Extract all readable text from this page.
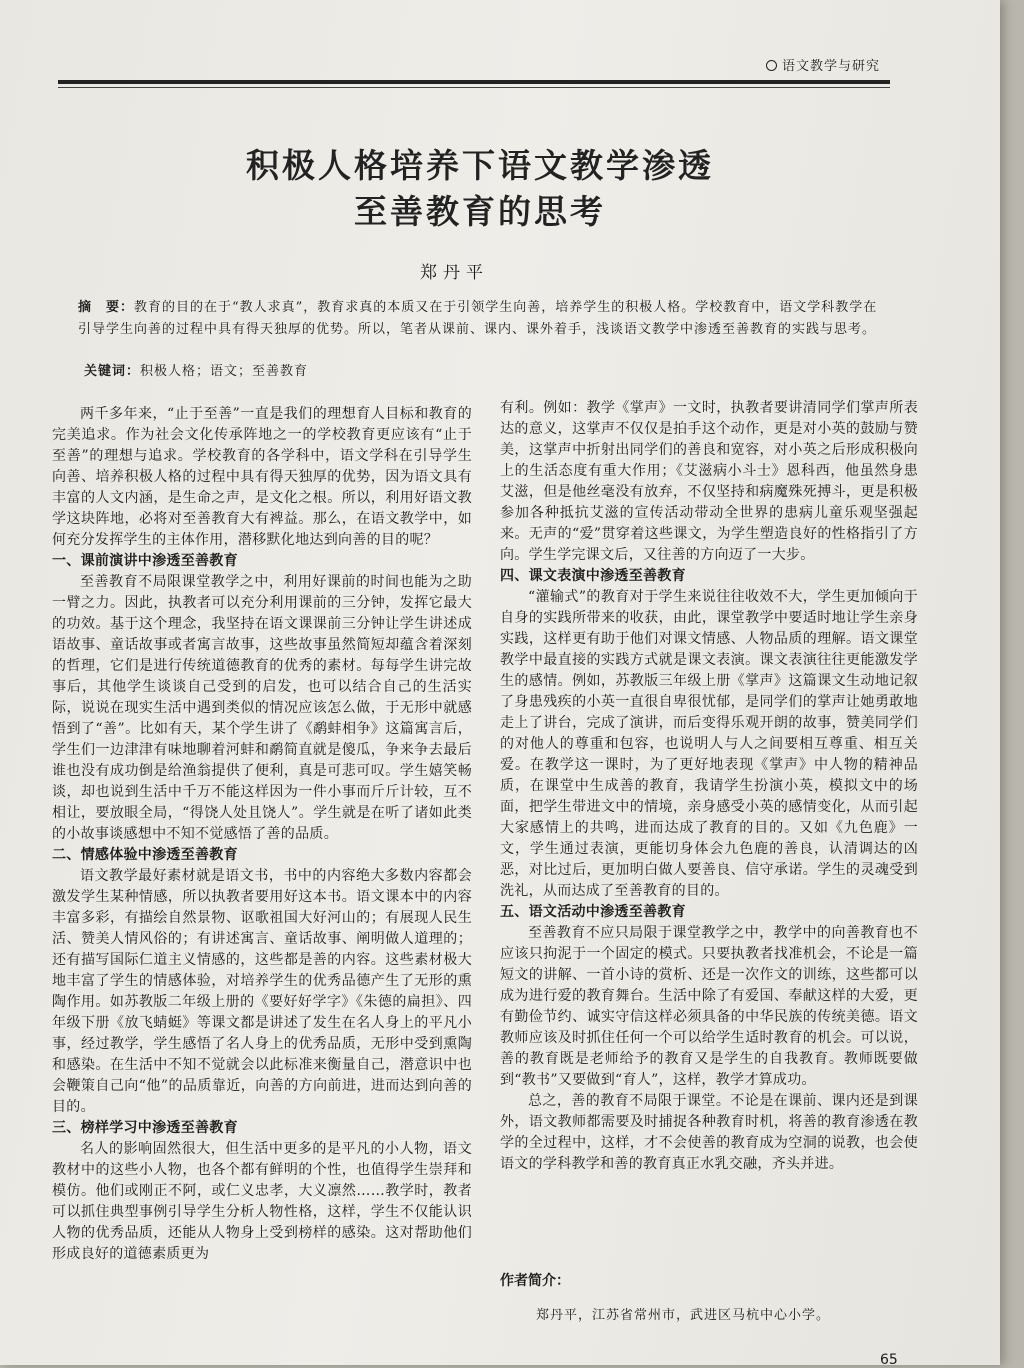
语文教学与研究
积极人格培养下语文教学渗透
至善教育的思考
郑丹平
摘　要：教育的目的在于“教人求真”，教育求真的本质又在于引领学生向善，培养学生的积极人格。学校教育中，语文学科教学在引导学生向善的过程中具有得天独厚的优势。所以，笔者从课前、课内、课外着手，浅谈语文教学中渗透至善教育的实践与思考。
关键词：积极人格；语文；至善教育

两千多年来，“止于至善”一直是我们的理想育人目标和教育的完美追求。作为社会文化传承阵地之一的学校教育更应该有“止于至善”的理想与追求。学校教育的各学科中，语文学科在引导学生向善、培养积极人格的过程中具有得天独厚的优势，因为语文具有丰富的人文内涵，是生命之声，是文化之根。所以，利用好语文教学这块阵地，必将对至善教育大有裨益。那么，在语文教学中，如何充分发挥学生的主体作用，潜移默化地达到向善的目的呢？

一、课前演讲中渗透至善教育

至善教育不局限课堂教学之中，利用好课前的时间也能为之助一臂之力。因此，执教者可以充分利用课前的三分钟，发挥它最大的功效。基于这个理念，我坚持在语文课课前三分钟让学生讲述成语故事、童话故事或者寓言故事，这些故事虽然简短却蕴含着深刻的哲理，它们是进行传统道德教育的优秀的素材。每每学生讲完故事后，其他学生谈谈自己受到的启发，也可以结合自己的生活实际，说说在现实生活中遇到类似的情况应该怎么做，于无形中就感悟到了“善”。比如有天，某个学生讲了《鹬蚌相争》这篇寓言后，学生们一边津津有味地聊着河蚌和鹬简直就是傻瓜，争来争去最后谁也没有成功倒是给渔翁提供了便利，真是可悲可叹。学生嬉笑畅谈，却也说到生活中千万不能这样因为一件小事而斤斤计较，互不相让，要放眼全局，“得饶人处且饶人”。学生就是在听了诸如此类的小故事谈感想中不知不觉感悟了善的品质。

二、情感体验中渗透至善教育

语文教学最好素材就是语文书，书中的内容绝大多数内容都会激发学生某种情感，所以执教者要用好这本书。语文课本中的内容丰富多彩，有描绘自然景物、讴歌祖国大好河山的；有展现人民生活、赞美人情风俗的；有讲述寓言、童话故事、阐明做人道理的；还有描写国际仁道主义情感的，这些都是善的内容。这些素材极大地丰富了学生的情感体验，对培养学生的优秀品德产生了无形的熏陶作用。如苏教版二年级上册的《要好好学字》《朱德的扁担》、四年级下册《放飞蜻蜓》等课文都是讲述了发生在名人身上的平凡小事，经过教学，学生感悟了名人身上的优秀品质，无形中受到熏陶和感染。在生活中不知不觉就会以此标准来衡量自己，潜意识中也会鞭策自己向“他”的品质靠近，向善的方向前进，进而达到向善的目的。

三、榜样学习中渗透至善教育

名人的影响固然很大，但生活中更多的是平凡的小人物，语文教材中的这些小人物，也各个都有鲜明的个性，也值得学生崇拜和模仿。他们或刚正不阿，或仁义忠孝，大义凛然……教学时，教者可以抓住典型事例引导学生分析人物性格，这样，学生不仅能认识人物的优秀品质，还能从人物身上受到榜样的感染。这对帮助他们形成良好的道德素质更为

有利。例如：教学《掌声》一文时，执教者要讲清同学们掌声所表达的意义，这掌声不仅仅是拍手这个动作，更是对小英的鼓励与赞美，这掌声中折射出同学们的善良和宽容，对小英之后形成积极向上的生活态度有重大作用；《艾滋病小斗士》恩科西，他虽然身患艾滋，但是他丝毫没有放弃，不仅坚持和病魔殊死搏斗，更是积极参加各种抵抗艾滋的宣传活动带动全世界的患病儿童乐观坚强起来。无声的“爱”贯穿着这些课文，为学生塑造良好的性格指引了方向。学生学完课文后，又往善的方向迈了一大步。

四、课文表演中渗透至善教育

“灌输式”的教育对于学生来说往往收效不大，学生更加倾向于自身的实践所带来的收获，由此，课堂教学中要适时地让学生亲身实践，这样更有助于他们对课文情感、人物品质的理解。语文课堂教学中最直接的实践方式就是课文表演。课文表演往往更能激发学生的感情。例如，苏教版三年级上册《掌声》这篇课文生动地记叙了身患残疾的小英一直很自卑很忧郁，是同学们的掌声让她勇敢地走上了讲台，完成了演讲，而后变得乐观开朗的故事，赞美同学们的对他人的尊重和包容，也说明人与人之间要相互尊重、相互关爱。在教学这一课时，为了更好地表现《掌声》中人物的精神品质，在课堂中生成善的教育，我请学生扮演小英，模拟文中的场面，把学生带进文中的情境，亲身感受小英的感情变化，从而引起大家感情上的共鸣，进而达成了教育的目的。又如《九色鹿》一文，学生通过表演，更能切身体会九色鹿的善良，认清调达的凶恶，对比过后，更加明白做人要善良、信守承诺。学生的灵魂受到洗礼，从而达成了至善教育的目的。

五、语文活动中渗透至善教育

至善教育不应只局限于课堂教学之中，教学中的向善教育也不应该只拘泥于一个固定的模式。只要执教者找准机会，不论是一篇短文的讲解、一首小诗的赏析、还是一次作文的训练，这些都可以成为进行爱的教育舞台。生活中除了有爱国、奉献这样的大爱，更有勤俭节约、诚实守信这样必须具备的中华民族的传统美德。语文教师应该及时抓住任何一个可以给学生适时教育的机会。可以说，善的教育既是老师给予的教育又是学生的自我教育。教师既要做到“教书”又要做到“育人”，这样，教学才算成功。

总之，善的教育不局限于课堂。不论是在课前、课内还是到课外，语文教师都需要及时捕捉各种教育时机，将善的教育渗透在教学的全过程中，这样，才不会使善的教育成为空洞的说教，也会使语文的学科教学和善的教育真正水乳交融，齐头并进。

作者简介：

郑丹平，江苏省常州市，武进区马杭中心小学。

65
